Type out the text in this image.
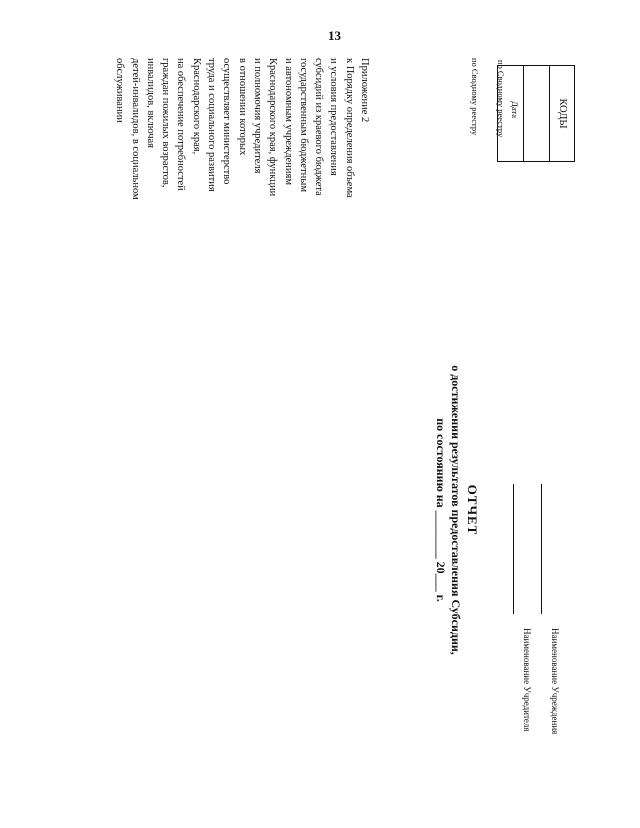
13
Приложение 2
к Порядку определения объема
и условия предоставления
субсидий из краевого бюджета
государственным бюджетным
и автономным учреждениям
Краснодарского края, функции
и полномочия учредителя
в отношении которых
осуществляет министерство
труда и социального развития
Краснодарского края,
на обеспечение потребностей
граждан пожилых возрастов,
инвалидов, включая
детей-инвалидов, в социальном
обслуживании
ОТЧЕТ
о достижении результатов предоставления Субсидии,
по состоянию на ________ 20___ г.
КОДЫ
Дата
по Сводному реестру
по Сводному реестру
Наименование Учреждения
Наименование Учредителя
